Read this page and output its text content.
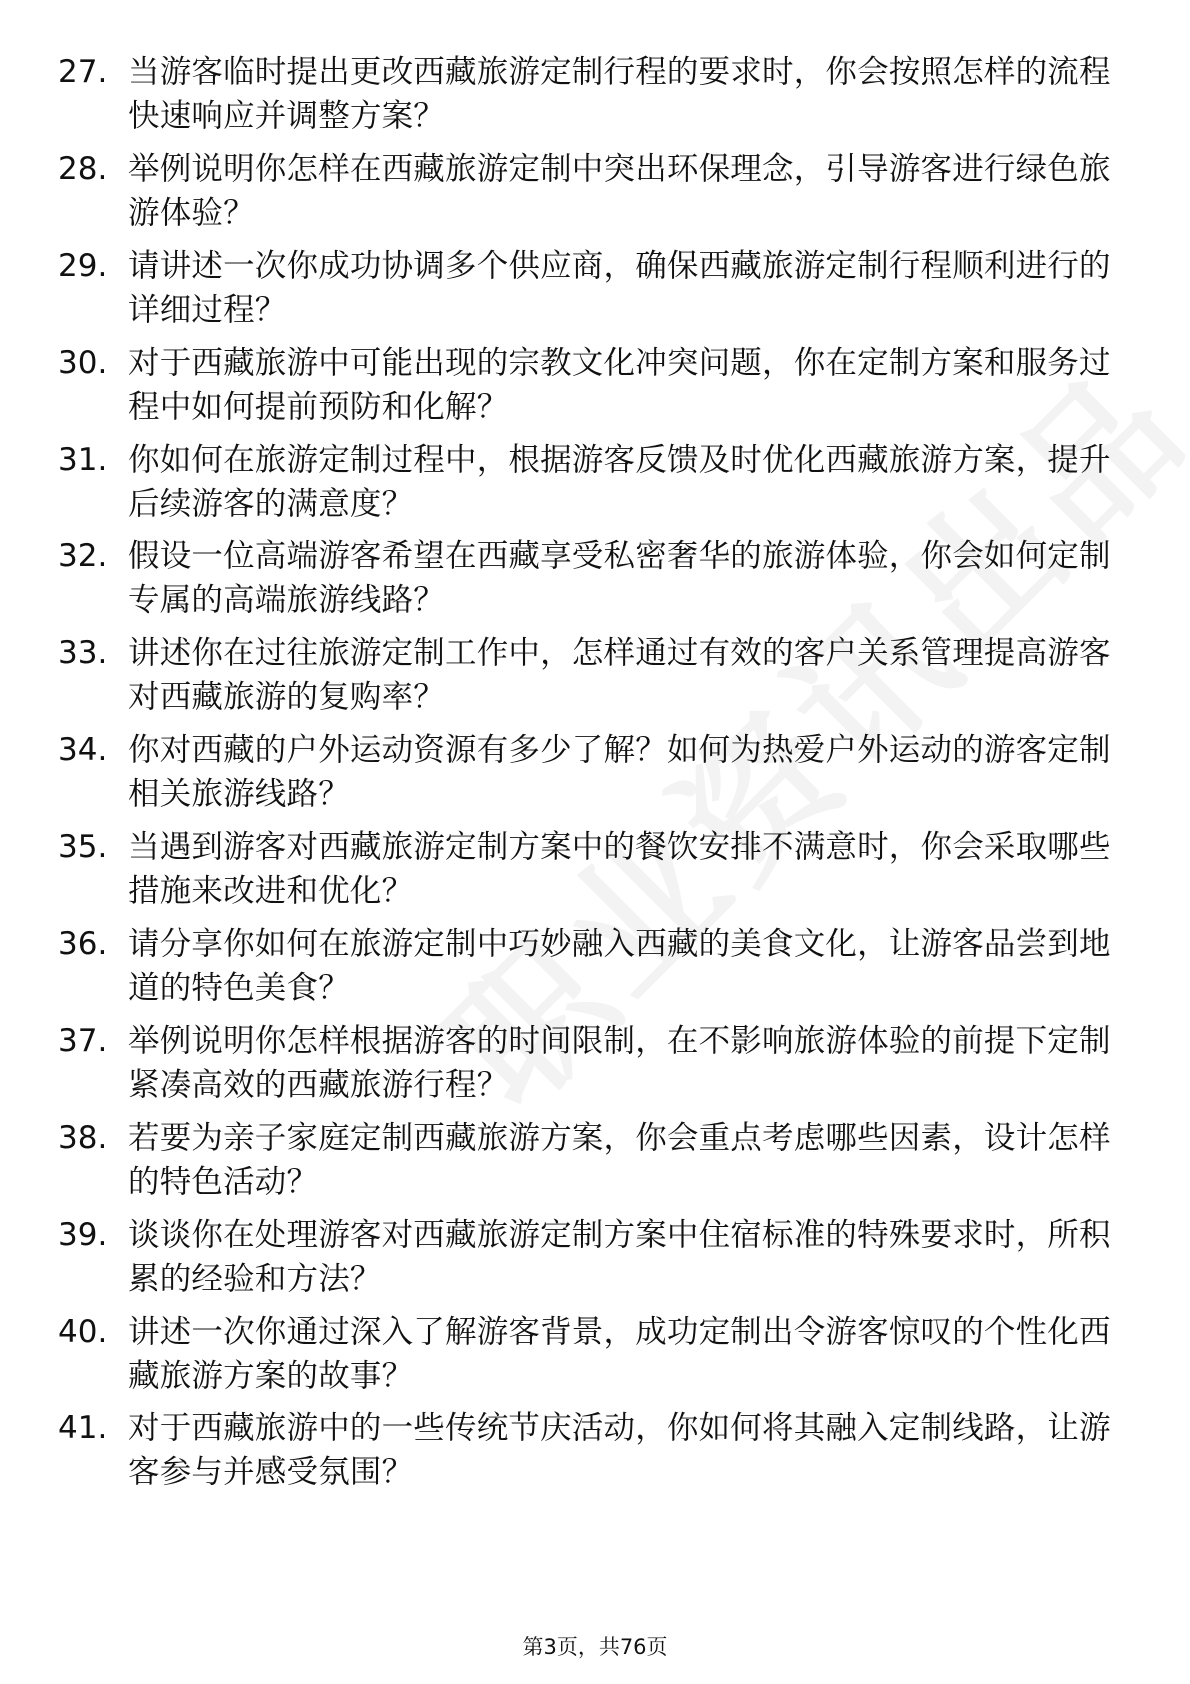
27. 当游客临时提出更改西藏旅游定制行程的要求时，你会按照怎样的流程快速响应并调整方案？
28. 举例说明你怎样在西藏旅游定制中突出环保理念，引导游客进行绿色旅游体验？
29. 请讲述一次你成功协调多个供应商，确保西藏旅游定制行程顺利进行的详细过程？
30. 对于西藏旅游中可能出现的宗教文化冲突问题，你在定制方案和服务过程中如何提前预防和化解？
31. 你如何在旅游定制过程中，根据游客反馈及时优化西藏旅游方案，提升后续游客的满意度？
32. 假设一位高端游客希望在西藏享受私密奢华的旅游体验，你会如何定制专属的高端旅游线路？
33. 讲述你在过往旅游定制工作中，怎样通过有效的客户关系管理提高游客对西藏旅游的复购率？
34. 你对西藏的户外运动资源有多少了解？如何为热爱户外运动的游客定制相关旅游线路？
35. 当遇到游客对西藏旅游定制方案中的餐饮安排不满意时，你会采取哪些措施来改进和优化？
36. 请分享你如何在旅游定制中巧妙融入西藏的美食文化，让游客品尝到地道的特色美食？
37. 举例说明你怎样根据游客的时间限制，在不影响旅游体验的前提下定制紧凑高效的西藏旅游行程？
38. 若要为亲子家庭定制西藏旅游方案，你会重点考虑哪些因素，设计怎样的特色活动？
39. 谈谈你在处理游客对西藏旅游定制方案中住宿标准的特殊要求时，所积累的经验和方法？
40. 讲述一次你通过深入了解游客背景，成功定制出令游客惊叹的个性化西藏旅游方案的故事？
41. 对于西藏旅游中的一些传统节庆活动，你如何将其融入定制线路，让游客参与并感受氛围？
第3页，共76页
